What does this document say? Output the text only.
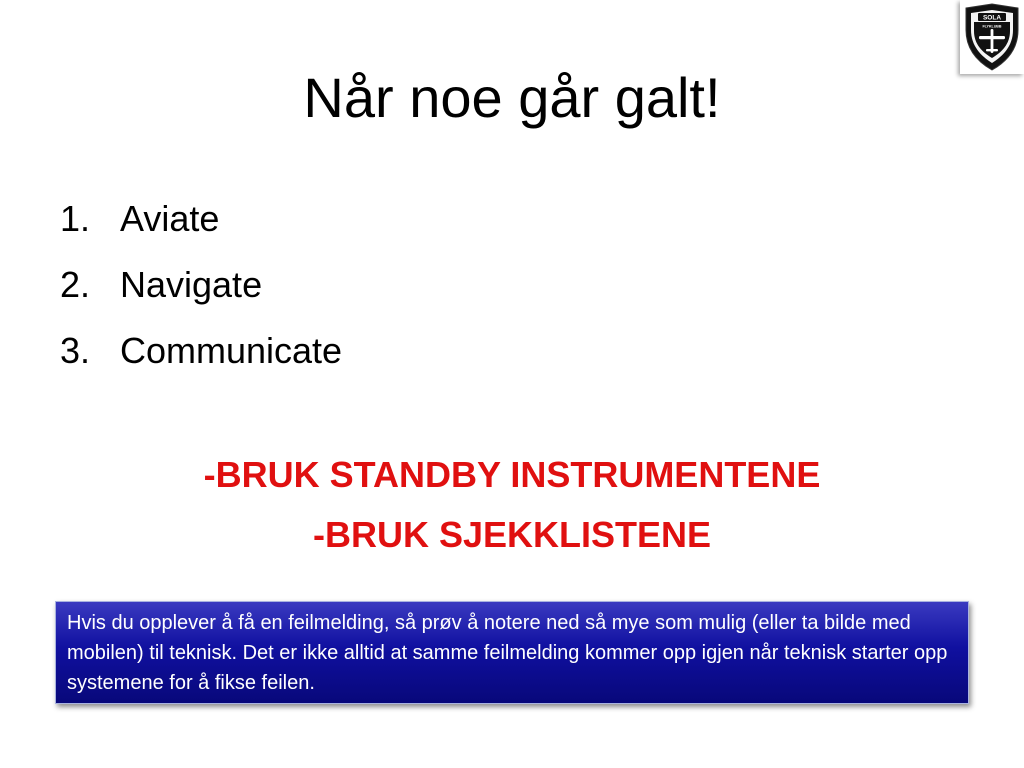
SOLA
FLYKLUBB
Når noe går galt!
1. Aviate
2. Navigate
3. Communicate
-BRUK STANDBY INSTRUMENTENE
-BRUK SJEKKLISTENE

Hvis du opplever å få en feilmelding, så prøv å notere ned så mye som mulig (eller ta bilde med mobilen) til teknisk. Det er ikke alltid at samme feilmelding kommer opp igjen når teknisk starter opp systemene for å fikse feilen.
